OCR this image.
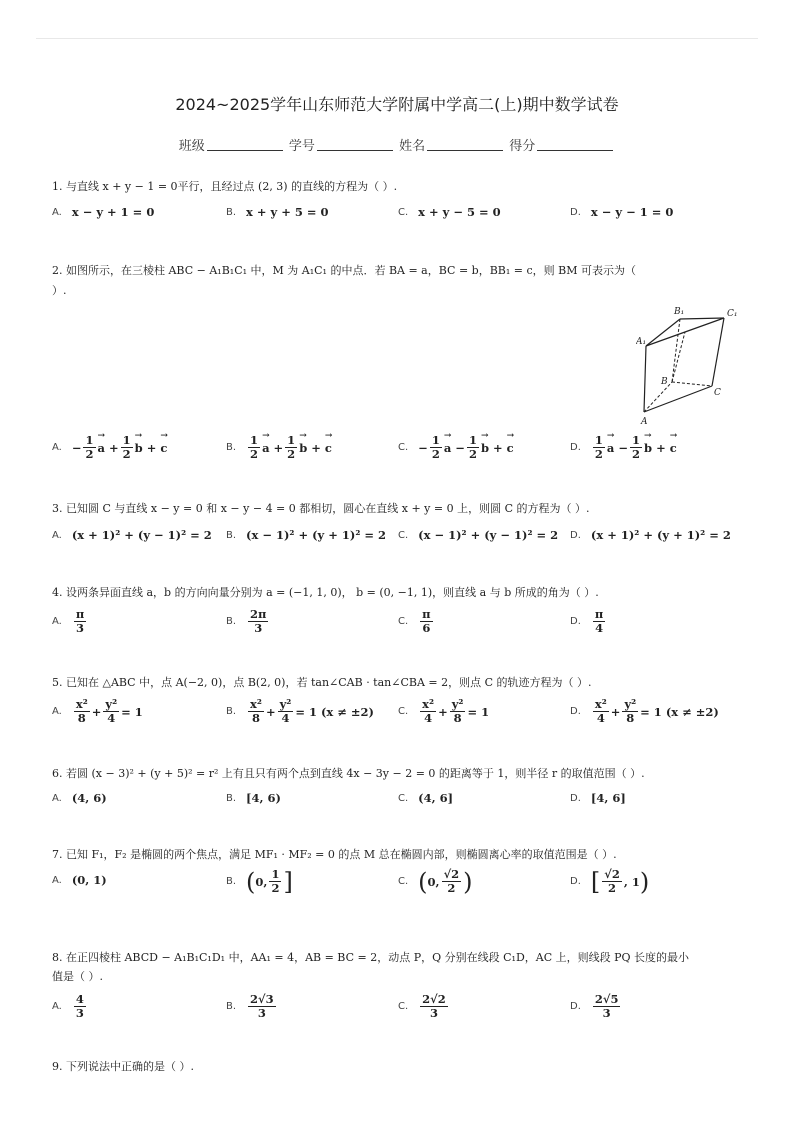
2024~2025学年山东师范大学附属中学高二(上)期中数学试卷
班级	学号	姓名	得分
1. 与直线 x + y − 1 = 0平行，且经过点 (2, 3) 的直线的方程为（ ）.
A. x − y + 1 = 0	B. x + y + 5 = 0	C. x + y − 5 = 0	D. x − y − 1 = 0
2. 如图所示，在三棱柱 ABC − A₁B₁C₁ 中，M 为 A₁C₁ 的中点．若 BA = a，BC = b，BB₁ = c，则 BM 可表示为（
）.
A₁
B₁	C₁
A
B
C
A. − $\frac{1}{2}$
→ a
+ $\frac{1}{2}$
→ b
+

→ c	B. $\frac{1}{2}$
→ a
+ $\frac{1}{2}$
→ b
+

→ c	C. − $\frac{1}{2}$
→ a
− $\frac{1}{2}$
→ b
+

→ c	D. $\frac{1}{2}$
→ a
− $\frac{1}{2}$
→ b
+

→ c
3. 已知圆 C 与直线 x − y = 0 和 x − y − 4 = 0 都相切，圆心在直线 x + y = 0 上，则圆 C 的方程为（ ）.
A. (x + 1)² + (y − 1)² = 2 B. (x − 1)² + (y + 1)² = 2 C. (x − 1)² + (y − 1)² = 2 D. (x + 1)² + (y + 1)² = 2
4. 设两条异面直线 a，b 的方向向量分别为 a = (−1, 1, 0)， b = (0, −1, 1)，则直线 a 与 b 所成的角为（ ）.
A. $\frac{\pi}{3}$	B. $\frac{2\pi}{3}$	C. $\frac{\pi}{6}$	D. $\frac{\pi}{4}$
5. 已知在 △ABC 中，点 A(−2, 0)，点 B(2, 0)，若 tan∠CAB · tan∠CBA = 2，则点 C 的轨迹方程为（ ）.
A. $\frac{\text{x²}}{8} + \frac{\text{y²}}{4} = 1$	B. $\frac{\text{x²}}{8} + \frac{\text{y²}}{4} = 1$ (x ≠ ±2) C. $\frac{\text{x²}}{4} + \frac{\text{y²}}{8} = 1$	D. $\frac{\text{x²}}{4} + \frac{\text{y²}}{8} = 1$ (x ≠ ±2)
6. 若圆 (x − 3)² + (y + 5)² = r² 上有且只有两个点到直线 4x − 3y − 2 = 0 的距离等于 1，则半径 r 的取值范围（ ）.
A. (4, 6)	B. [4, 6)	C. (4, 6]	D. [4, 6]
7. 已知 F₁，F₂ 是椭圆的两个焦点，满足 MF₁ · MF₂ = 0 的点 M 总在椭圆内部，则椭圆离心率的取值范围是（ ）.
A. (0, 1)	B. ( 0, $\frac{1}{2}$ ]	C. ( 0, $\frac{√2}{2}$ )	D. [ $\frac{√2}{2}$ , 1 )
8. 在正四棱柱 ABCD − A₁B₁C₁D₁ 中，AA₁ = 4，AB = BC = 2，动点 P，Q 分别在线段 C₁D，AC 上，则线段 PQ 长度的最小
值是（ ）.
A. $\frac{4}{3}$	B. $\frac{2√3}{3}$	C. $\frac{2√2}{3}$	D. $\frac{2√5}{3}$
9. 下列说法中正确的是（ ）.
